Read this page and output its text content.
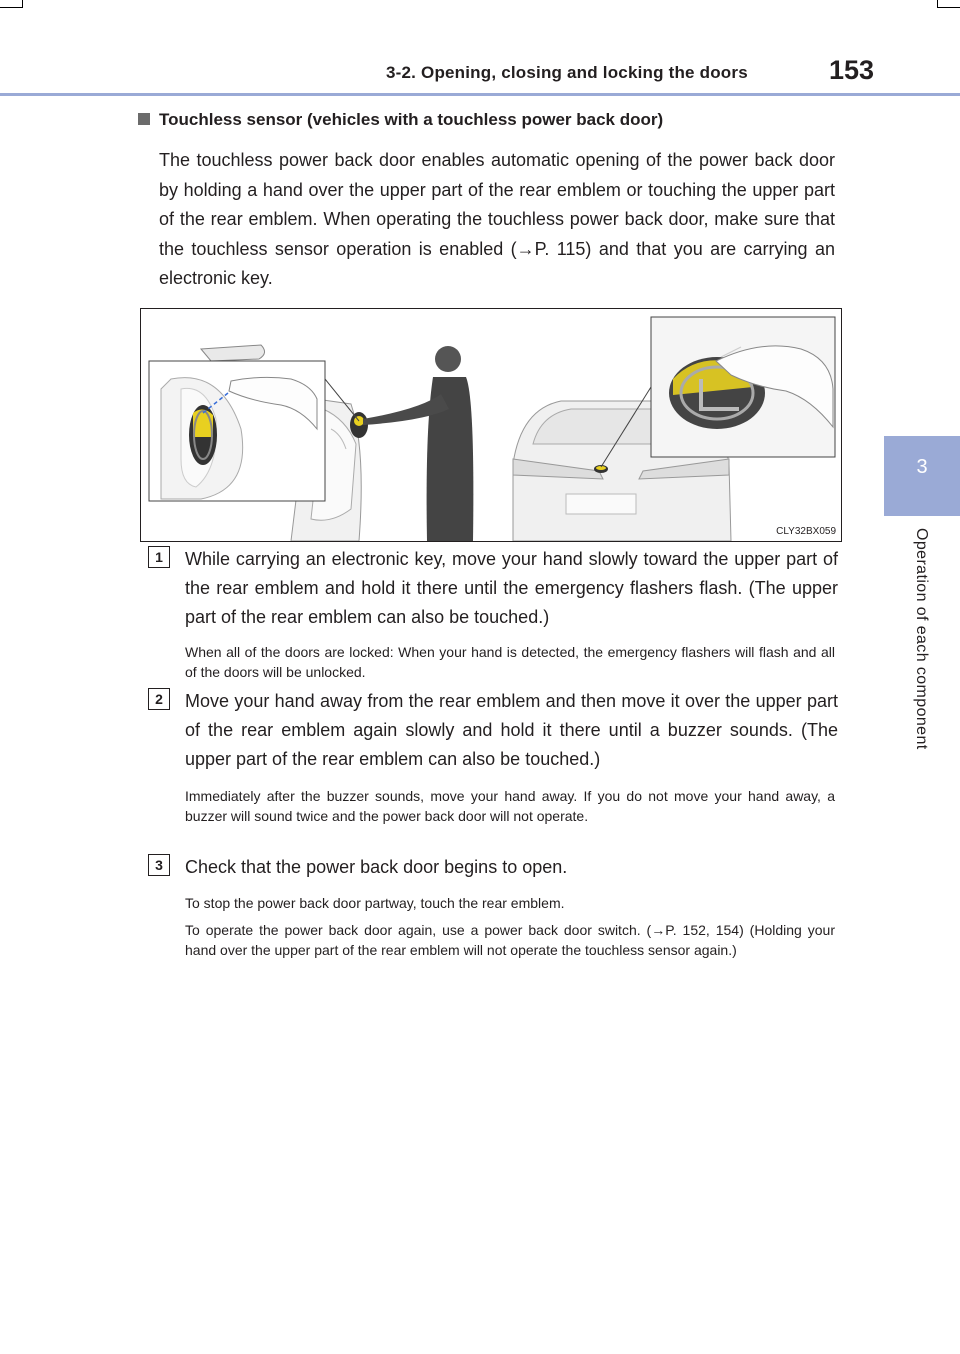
3-2. Opening, closing and locking the doors	153
3
Operation of each component
Touchless sensor (vehicles with a touchless power back door)
The touchless power back door enables automatic opening of the power back door by holding a hand over the upper part of the rear emblem or touching the upper part of the rear emblem. When operating the touchless power back door, make sure that the touchless sensor operation is enabled (→P. 115) and that you are carrying an electronic key.
CLY32BX059
1	While carrying an electronic key, move your hand slowly toward the upper part of the rear emblem and hold it there until the emergency flashers flash. (The upper part of the rear emblem can also be touched.)
When all of the doors are locked: When your hand is detected, the emergency flashers will flash and all of the doors will be unlocked.
2	Move your hand away from the rear emblem and then move it over the upper part of the rear emblem again slowly and hold it there until a buzzer sounds. (The upper part of the rear emblem can also be touched.)
Immediately after the buzzer sounds, move your hand away. If you do not move your hand away, a buzzer will sound twice and the power back door will not operate.
3	Check that the power back door begins to open.
To stop the power back door partway, touch the rear emblem.
To operate the power back door again, use a power back door switch. (→P. 152, 154) (Holding your hand over the upper part of the rear emblem will not operate the touchless sensor again.)
